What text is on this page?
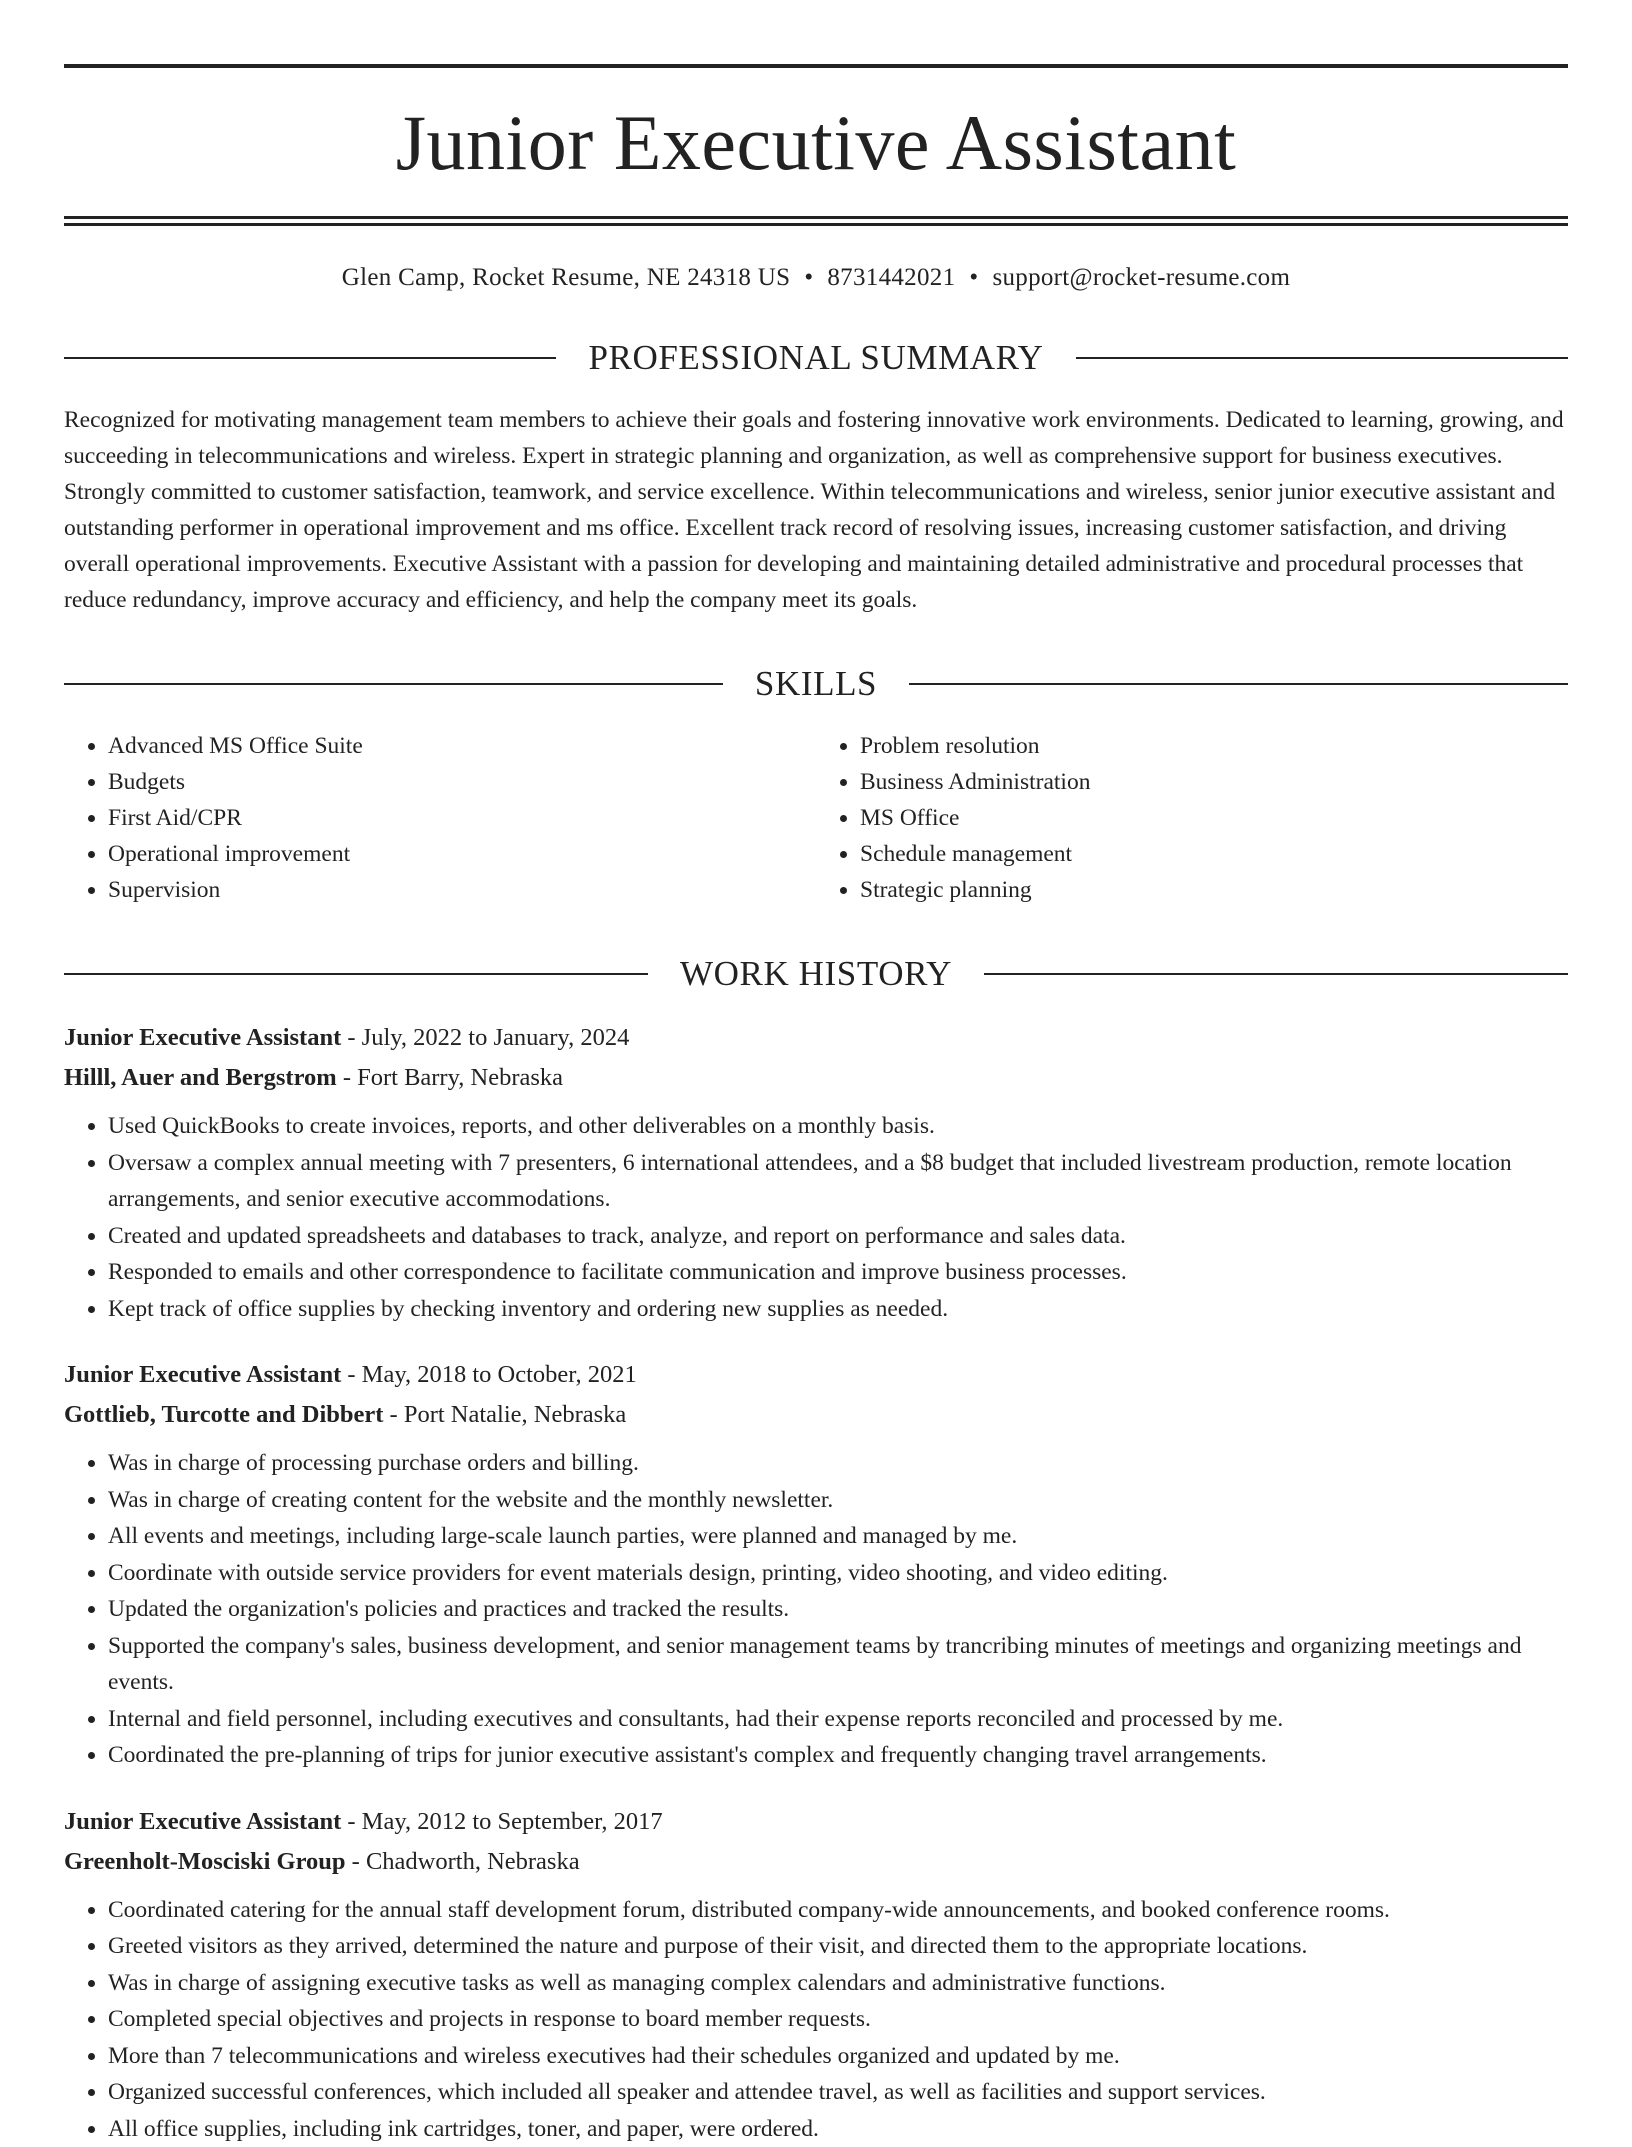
Junior Executive Assistant
Glen Camp, Rocket Resume, NE 24318 US • 8731442021 • support@rocket-resume.com
PROFESSIONAL SUMMARY

Recognized for motivating management team members to achieve their goals and fostering innovative work environments. Dedicated to learning, growing, and succeeding in telecommunications and wireless. Expert in strategic planning and organization, as well as comprehensive support for business executives. Strongly committed to customer satisfaction, teamwork, and service excellence. Within telecommunications and wireless, senior junior executive assistant and outstanding performer in operational improvement and ms office. Excellent track record of resolving issues, increasing customer satisfaction, and driving overall operational improvements. Executive Assistant with a passion for developing and maintaining detailed administrative and procedural processes that reduce redundancy, improve accuracy and efficiency, and help the company meet its goals.

SKILLS
• Advanced MS Office Suite
• Budgets
• First Aid/CPR
• Operational improvement
• Supervision
• Problem resolution
• Business Administration
• MS Office
• Schedule management
• Strategic planning
WORK HISTORY
Junior Executive Assistant - July, 2022 to January, 2024
Hilll, Auer and Bergstrom - Fort Barry, Nebraska
• Used QuickBooks to create invoices, reports, and other deliverables on a monthly basis.
• Oversaw a complex annual meeting with 7 presenters, 6 international attendees, and a $8 budget that included livestream production, remote location arrangements, and senior executive accommodations.
• Created and updated spreadsheets and databases to track, analyze, and report on performance and sales data.
• Responded to emails and other correspondence to facilitate communication and improve business processes.
• Kept track of office supplies by checking inventory and ordering new supplies as needed.
Junior Executive Assistant - May, 2018 to October, 2021
Gottlieb, Turcotte and Dibbert - Port Natalie, Nebraska
• Was in charge of processing purchase orders and billing.
• Was in charge of creating content for the website and the monthly newsletter.
• All events and meetings, including large-scale launch parties, were planned and managed by me.
• Coordinate with outside service providers for event materials design, printing, video shooting, and video editing.
• Updated the organization's policies and practices and tracked the results.
• Supported the company's sales, business development, and senior management teams by trancribing minutes of meetings and organizing meetings and events.
• Internal and field personnel, including executives and consultants, had their expense reports reconciled and processed by me.
• Coordinated the pre-planning of trips for junior executive assistant's complex and frequently changing travel arrangements.
Junior Executive Assistant - May, 2012 to September, 2017
Greenholt-Mosciski Group - Chadworth, Nebraska
• Coordinated catering for the annual staff development forum, distributed company-wide announcements, and booked conference rooms.
• Greeted visitors as they arrived, determined the nature and purpose of their visit, and directed them to the appropriate locations.
• Was in charge of assigning executive tasks as well as managing complex calendars and administrative functions.
• Completed special objectives and projects in response to board member requests.
• More than 7 telecommunications and wireless executives had their schedules organized and updated by me.
• Organized successful conferences, which included all speaker and attendee travel, as well as facilities and support services.
• All office supplies, including ink cartridges, toner, and paper, were ordered.
